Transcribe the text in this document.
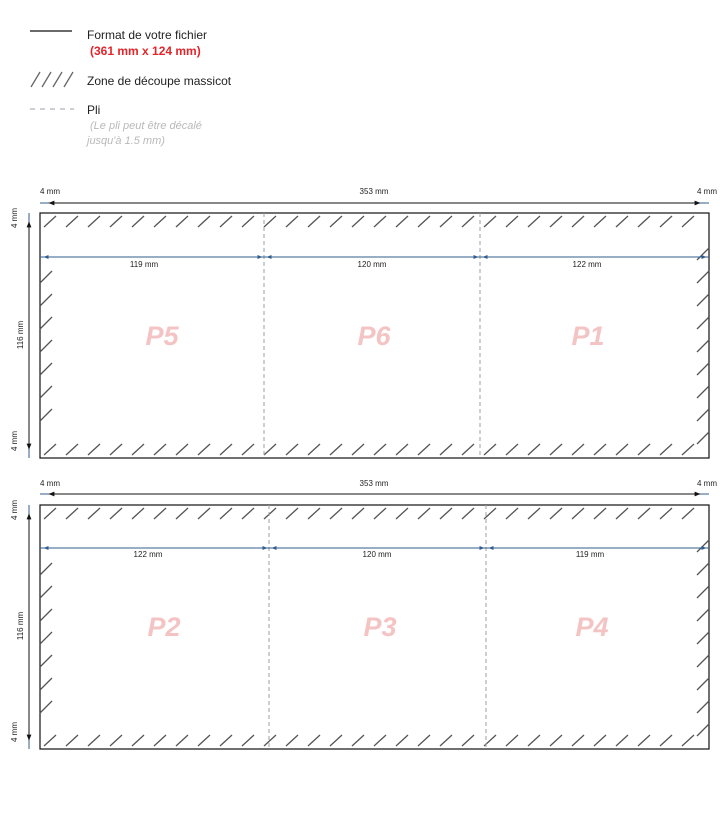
Format de votre fichier
(361 mm x 124 mm)
Zone de découpe massicot
Pli
(Le pli peut être décalé
jusqu'à 1.5 mm)
4 mm	353 mm	4 mm
4 mm
116 mm
4 mm
119 mm	120 mm	122 mm
P5	P6	P1
4 mm	353 mm	4 mm
4 mm
116 mm
4 mm
122 mm	120 mm	119 mm
P2	P3	P4
